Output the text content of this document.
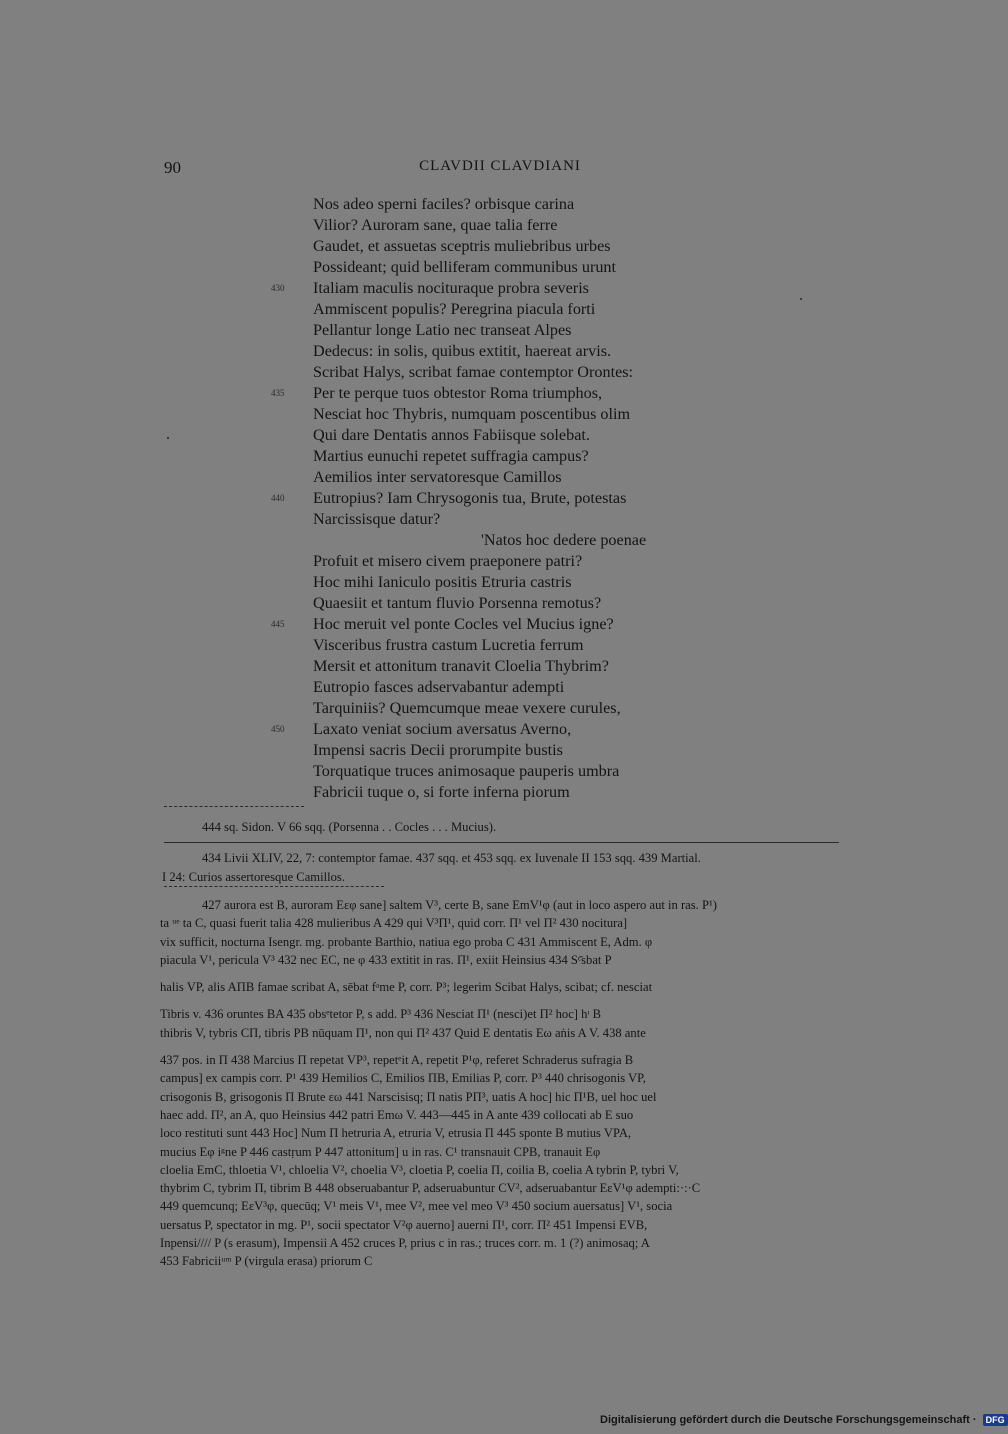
90	CLAVDII CLAVDIANI
Nos adeo sperni faciles? orbisque carina
Vilior? Auroram sane, quae talia ferre
Gaudet, et assuetas sceptris muliebribus urbes
Possideant; quid belliferam communibus urunt
430 Italiam maculis nocituraque probra severis
Ammiscent populis? Peregrina piacula forti
Pellantur longe Latio nec transeat Alpes
Dedecus: in solis, quibus extitit, haereat arvis.
Scribat Halys, scribat famae contemptor Orontes:
435 Per te perque tuos obtestor Roma triumphos,
Nesciat hoc Thybris, numquam poscentibus olim
Qui dare Dentatis annos Fabiisque solebat.
Martius eunuchi repetet suffragia campus?
Aemilios inter servatoresque Camillos
440 Eutropius? Iam Chrysogonis tua, Brute, potestas
Narcissisque datur?
'Natos hoc dedere poenae
Profuit et misero civem praeponere patri?
Hoc mihi Ianiculo positis Etruria castris
Quaesiit et tantum fluvio Porsenna remotus?
445 Hoc meruit vel ponte Cocles vel Mucius igne?
Visceribus frustra castum Lucretia ferrum
Mersit et attonitum tranavit Cloelia Thybrim?
Eutropio fasces adservabantur adempti
Tarquiniis? Quemcumque meae vexere curules,
450 Laxato veniat socium aversatus Averno,
Impensi sacris Decii prorumpite bustis
Torquatique truces animosaque pauperis umbra
Fabricii tuque o, si forte inferna piorum
444 sq. Sidon. V 66 sqq. (Porsenna . . Cocles . . . Mucius).
434 Livii XLIV, 22, 7: contemptor famae. 437 sqq. et 453 sqq. ex Iuvenale II 153 sqq. 439 Martial.
I 24: Curios assertoresque Camillos.
427 aurora est B, auroram Eεφ sane] saltem V³, certe B, sane EmV¹φ (aut in loco aspero aut in ras. P¹)
ta ᵘᵉ ta C, quasi fuerit talia 428 mulieribus A 429 qui V³Π¹, quid corr. Π¹ vel Π² 430 nocitura]
vix sufficit, nocturna Isengr. mg. probante Barthio, natiua ego proba C 431 Ammiscent E, Adm. φ
piacula V¹, pericula V³ 432 nec EC, ne φ 433 extitit in ras. Π¹, exiit Heinsius 434 Sᶜ̄sbat P
halis VP, alis AΠB famae scribat A, sēbat fᵃme P, corr. P³; legerim Scibat Halys, scibat; cf. nesciat
Tibris v. 436 oruntes BA 435 obsᵉtetor P, s add. P³ 436 Nesciat Π¹ (nesci)et Π² hoc] hᶦ B
thibris V, tybris CΠ, tibris PB nūquam Π¹, non qui Π² 437 Quid E dentatis Eω aṅis A V. 438 ante
437 pos. in Π 438 Marcius Π repetat VP³, repetᵉit A, repetit P¹φ, referet Schraderus sufragia B
campus] ex campis corr. P¹ 439 Hemilios C, Emilios ΠB, Emilias P, corr. P³ 440 chrisogonis VP,
crisogonis B, grisogonis Π Brute εω 441 Narscisisq; Π natis PΠ³, uatis A hoc] hic Π¹B, uel hoc uel
haec add. Π², an A, quo Heinsius 442 patri Emω V. 443—445 in A ante 439 collocati ab E suo
loco restituti sunt 443 Hoc] Num Π hetruria A, etruria V, etrusia Π 445 sponte B mutius VPA,
mucius Eφ iᵍne P 446 castṛum P 447 attonitum] u in ras. C¹ transnauit CPB, tranauit Eφ
cloelia EmC, thloetia V¹, chloelia V², choelia V³, cloetia P, coelia Π, coilia B, coelia A tybrin P, tybri V,
thybrim C, tybrim Π, tibrim B 448 obseruabantur P, adseruabuntur CV², adseruabantur EεV¹φ adempti:·:·C
449 quemcunq; EεV³φ, quecūq; V¹ meis V¹, mee V², mee vel meo V³ 450 socium auersatus] V¹, socia
uersatus P, spectator in mg. P¹, socii spectator V²φ auerno] auerni Π¹, corr. Π² 451 Impensi EVB,
Inpensi//// P (s erasum), Impensii A 452 cruces P, prius c in ras.; truces corr. m. 1 (?) animosaq; A
453 Fabriciiᵘᵐ P (virgula erasa) priorum C
Digitalisierung gefördert durch die Deutsche Forschungsgemeinschaft · DFG
